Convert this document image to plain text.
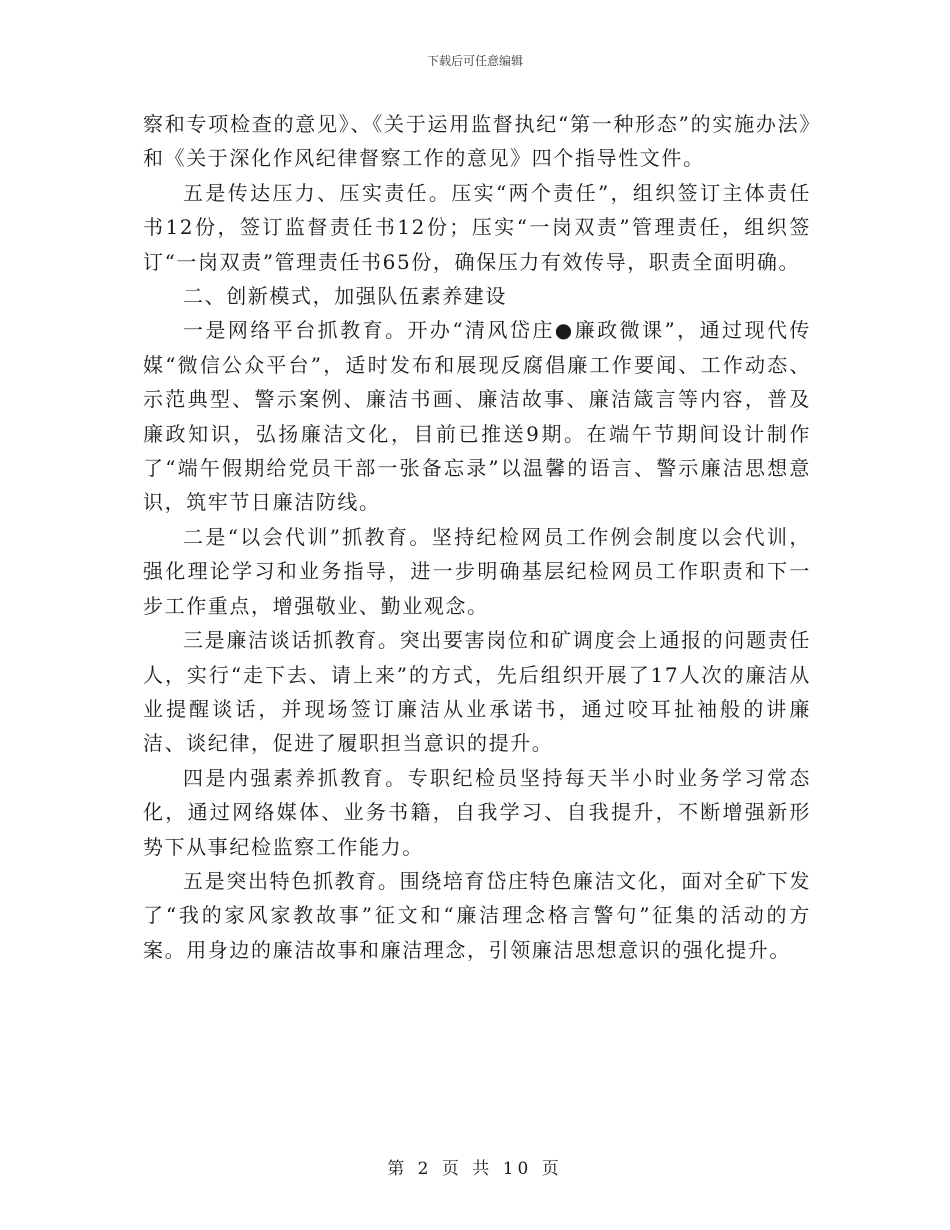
下载后可任意编辑

察和专项检查的意见》、《关于运用监督执纪“第一种形态”的实施办法》和《关于深化作风纪律督察工作的意见》四个指导性文件。

五是传达压力、压实责任。压实“两个责任”，组织签订主体责任书12份，签订监督责任书12份；压实“一岗双责”管理责任，组织签订“一岗双责”管理责任书65份，确保压力有效传导，职责全面明确。

二、创新模式，加强队伍素养建设

一是网络平台抓教育。开办“清风岱庄●廉政微课”，通过现代传媒“微信公众平台”，适时发布和展现反腐倡廉工作要闻、工作动态、示范典型、警示案例、廉洁书画、廉洁故事、廉洁箴言等内容，普及廉政知识，弘扬廉洁文化，目前已推送9期。在端午节期间设计制作了“端午假期给党员干部一张备忘录”以温馨的语言、警示廉洁思想意识，筑牢节日廉洁防线。

二是“以会代训”抓教育。坚持纪检网员工作例会制度以会代训，强化理论学习和业务指导，进一步明确基层纪检网员工作职责和下一步工作重点，增强敬业、勤业观念。

三是廉洁谈话抓教育。突出要害岗位和矿调度会上通报的问题责任人，实行“走下去、请上来”的方式，先后组织开展了17人次的廉洁从业提醒谈话，并现场签订廉洁从业承诺书，通过咬耳扯袖般的讲廉洁、谈纪律，促进了履职担当意识的提升。

四是内强素养抓教育。专职纪检员坚持每天半小时业务学习常态化，通过网络媒体、业务书籍，自我学习、自我提升，不断增强新形势下从事纪检监察工作能力。

五是突出特色抓教育。围绕培育岱庄特色廉洁文化，面对全矿下发了“我的家风家教故事”征文和“廉洁理念格言警句”征集的活动的方案。用身边的廉洁故事和廉洁理念，引领廉洁思想意识的强化提升。

第 2 页 共 10 页
